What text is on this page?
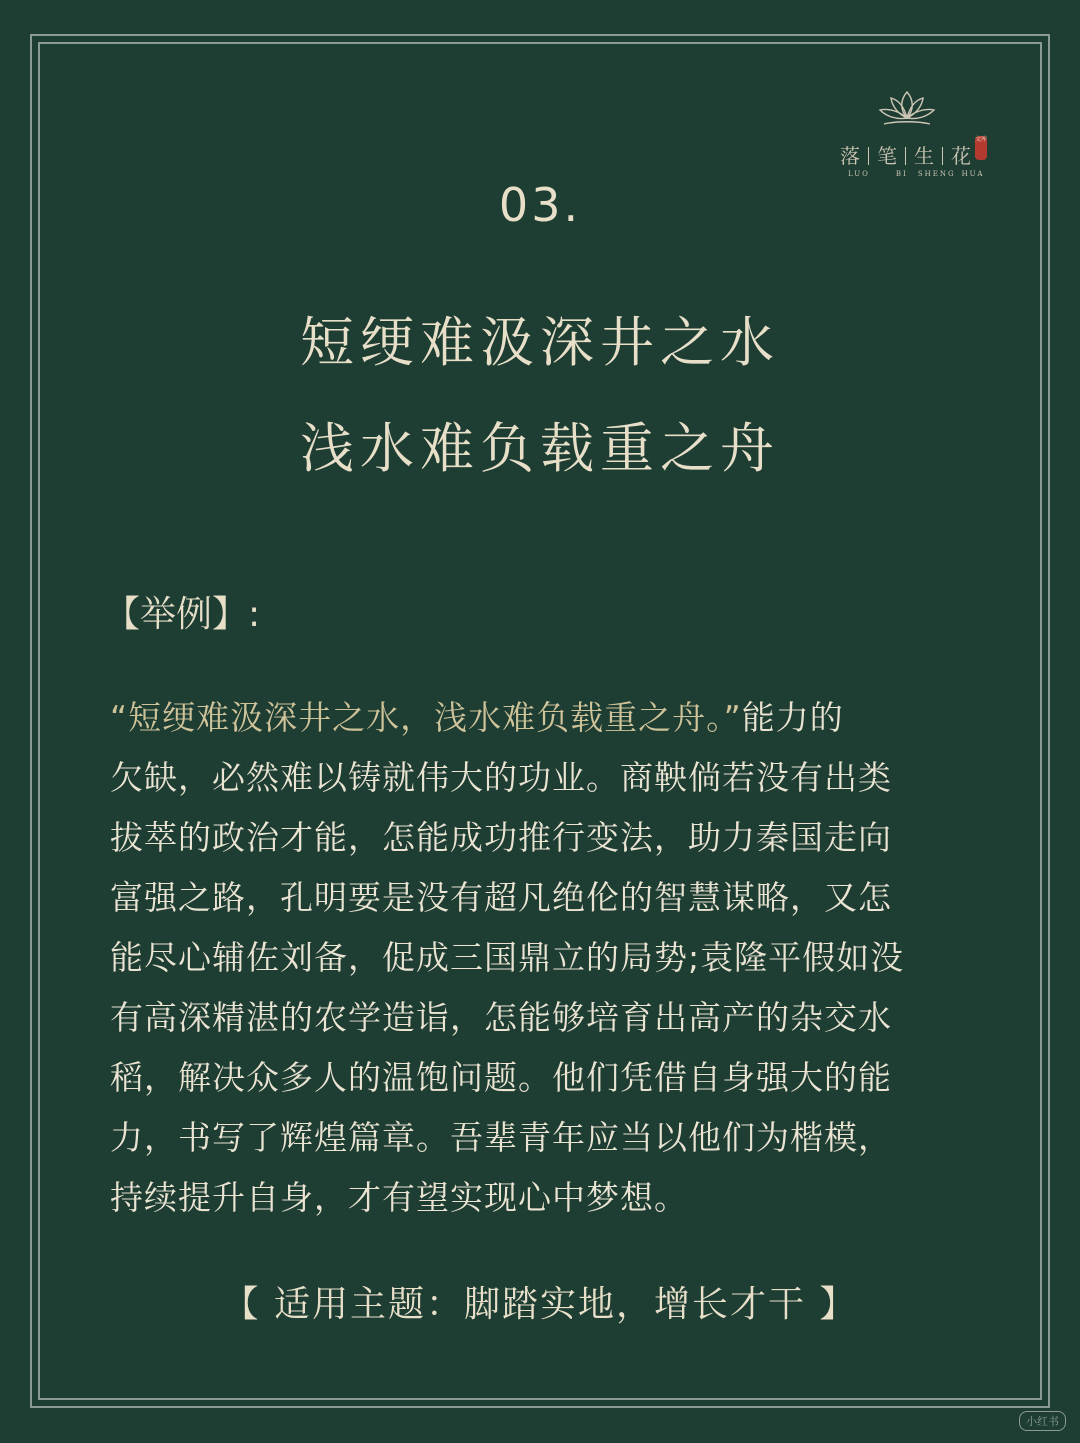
落 笔 生 花
文库
LUO	BI SHENG HUA
03.
短绠难汲深井之水
浅水难负载重之舟
【举例】:
“短绠难汲深井之水，浅水难负载重之舟。”能力的
欠缺，必然难以铸就伟大的功业。商鞅倘若没有出类
拔萃的政治才能，怎能成功推行变法，助力秦国走向
富强之路，孔明要是没有超凡绝伦的智慧谋略，又怎
能尽心辅佐刘备，促成三国鼎立的局势;袁隆平假如没
有高深精湛的农学造诣，怎能够培育出高产的杂交水
稻，解决众多人的温饱问题。他们凭借自身强大的能
力，书写了辉煌篇章。吾辈青年应当以他们为楷模，
持续提升自身，才有望实现心中梦想。
【 适用主题：脚踏实地，增长才干 】
小红书
